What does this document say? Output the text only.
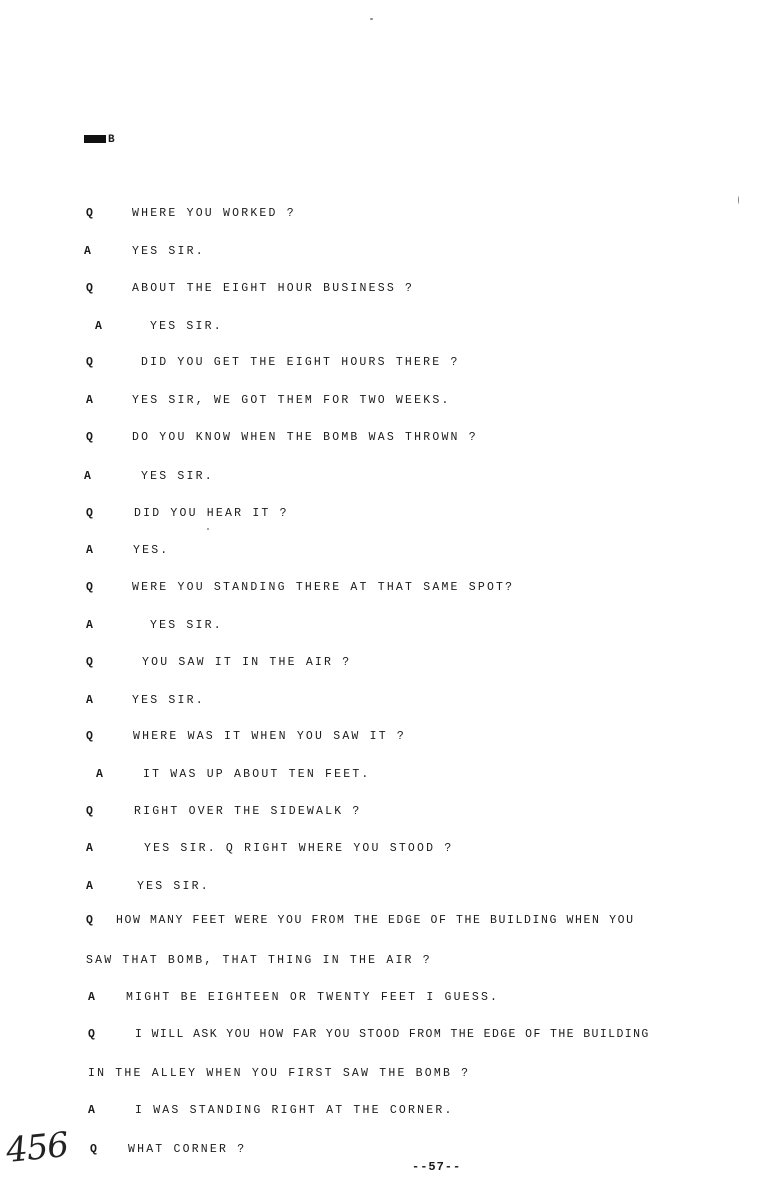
B
Q	WHERE YOU WORKED ?
A	YES SIR.
Q	ABOUT THE EIGHT HOUR BUSINESS ?
A	YES SIR.
Q	DID YOU GET THE EIGHT HOURS THERE ?
A	YES SIR, WE GOT THEM FOR TWO WEEKS.
Q	DO YOU KNOW WHEN THE BOMB WAS THROWN ?
A	YES SIR.
Q	DID YOU HEAR IT ?
A	YES.
Q	WERE YOU STANDING THERE AT THAT SAME SPOT?
A	YES SIR.
Q	YOU SAW IT IN THE AIR ?
A	YES SIR.
Q	WHERE WAS IT WHEN YOU SAW IT ?
A	IT WAS UP ABOUT TEN FEET.
Q	RIGHT OVER THE SIDEWALK ?
A	YES SIR. Q RIGHT WHERE YOU STOOD ?
A	YES SIR.
Q HOW MANY FEET WERE YOU FROM THE EDGE OF THE BUILDING WHEN YOU
SAW THAT BOMB, THAT THING IN THE AIR ?
A	MIGHT BE EIGHTEEN OR TWENTY FEET I GUESS.
Q	I WILL ASK YOU HOW FAR YOU STOOD FROM THE EDGE OF THE BUILDING
IN THE ALLEY WHEN YOU FIRST SAW THE BOMB ?
A	I WAS STANDING RIGHT AT THE CORNER.
Q	WHAT CORNER ?
456	--57--
